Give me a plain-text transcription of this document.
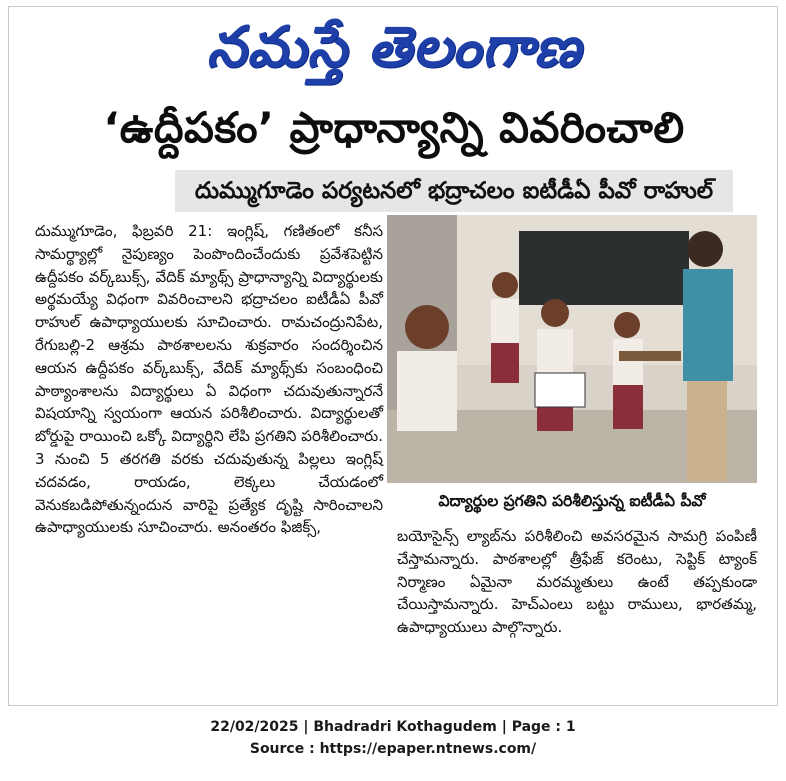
నమస్తే తెలంగాణ
‘ఉద్దీపకం’ ప్రాధాన్యాన్ని వివరించాలి
దుమ్ముగూడెం పర్యటనలో భద్రాచలం ఐటీడీఏ పీవో రాహుల్
దుమ్ముగూడెం, ఫిబ్రవరి 21: ఇంగ్లిష్, గణితంలో కనీస సామర్థ్యాల్లో నైపుణ్యం పెంపొందించేందుకు ప్రవేశపెట్టిన ఉద్దీపకం వర్క్‌బుక్స్, వేదిక్ మ్యాథ్స్ ప్రాధాన్యాన్ని విద్యార్థులకు అర్థమయ్యే విధంగా వివరించాలని భద్రాచలం ఐటీడీఏ పీవో రాహుల్ ఉపాధ్యాయులకు సూచించారు. రామచంద్రునిపేట, రేగుబల్లి-2 ఆశ్రమ పాఠశాలలను శుక్రవారం సందర్శించిన ఆయన ఉద్దీపకం వర్క్‌బుక్స్, వేదిక్ మ్యాథ్స్‌కు సంబంధించి పాఠ్యాంశాలను విద్యార్థులు ఏ విధంగా చదువుతున్నారనే విషయాన్ని స్వయంగా ఆయన పరిశీలించారు. విద్యార్థులతో బోర్డుపై రాయించి ఒక్కో విద్యార్థిని లేపి ప్రగతిని పరిశీలించారు. 3 నుంచి 5 తరగతి వరకు చదువుతున్న పిల్లలు ఇంగ్లిష్ చదవడం, రాయడం, లెక్కలు చేయడంలో వెనుకబడిపోతున్నందున వారిపై ప్రత్యేక దృష్టి సారించాలని ఉపాధ్యాయులకు సూచించారు. అనంతరం ఫిజిక్స్,
విద్యార్థుల ప్రగతిని పరిశీలిస్తున్న ఐటీడీఏ పీవో
బయోసైన్స్ ల్యాబ్‌ను పరిశీలించి అవసరమైన సామగ్రి పంపిణీ చేస్తామన్నారు. పాఠశాలల్లో త్రీఫేజ్ కరెంటు, సెప్టిక్ ట్యాంక్ నిర్మాణం ఏమైనా మరమ్మతులు ఉంటే తప్పకుండా చేయిస్తామన్నారు. హెచ్‌ఎంలు బట్టు రాములు, భారతమ్మ, ఉపాధ్యాయులు పాల్గొన్నారు.
22/02/2025 | Bhadradri Kothagudem | Page : 1
Source : https://epaper.ntnews.com/
